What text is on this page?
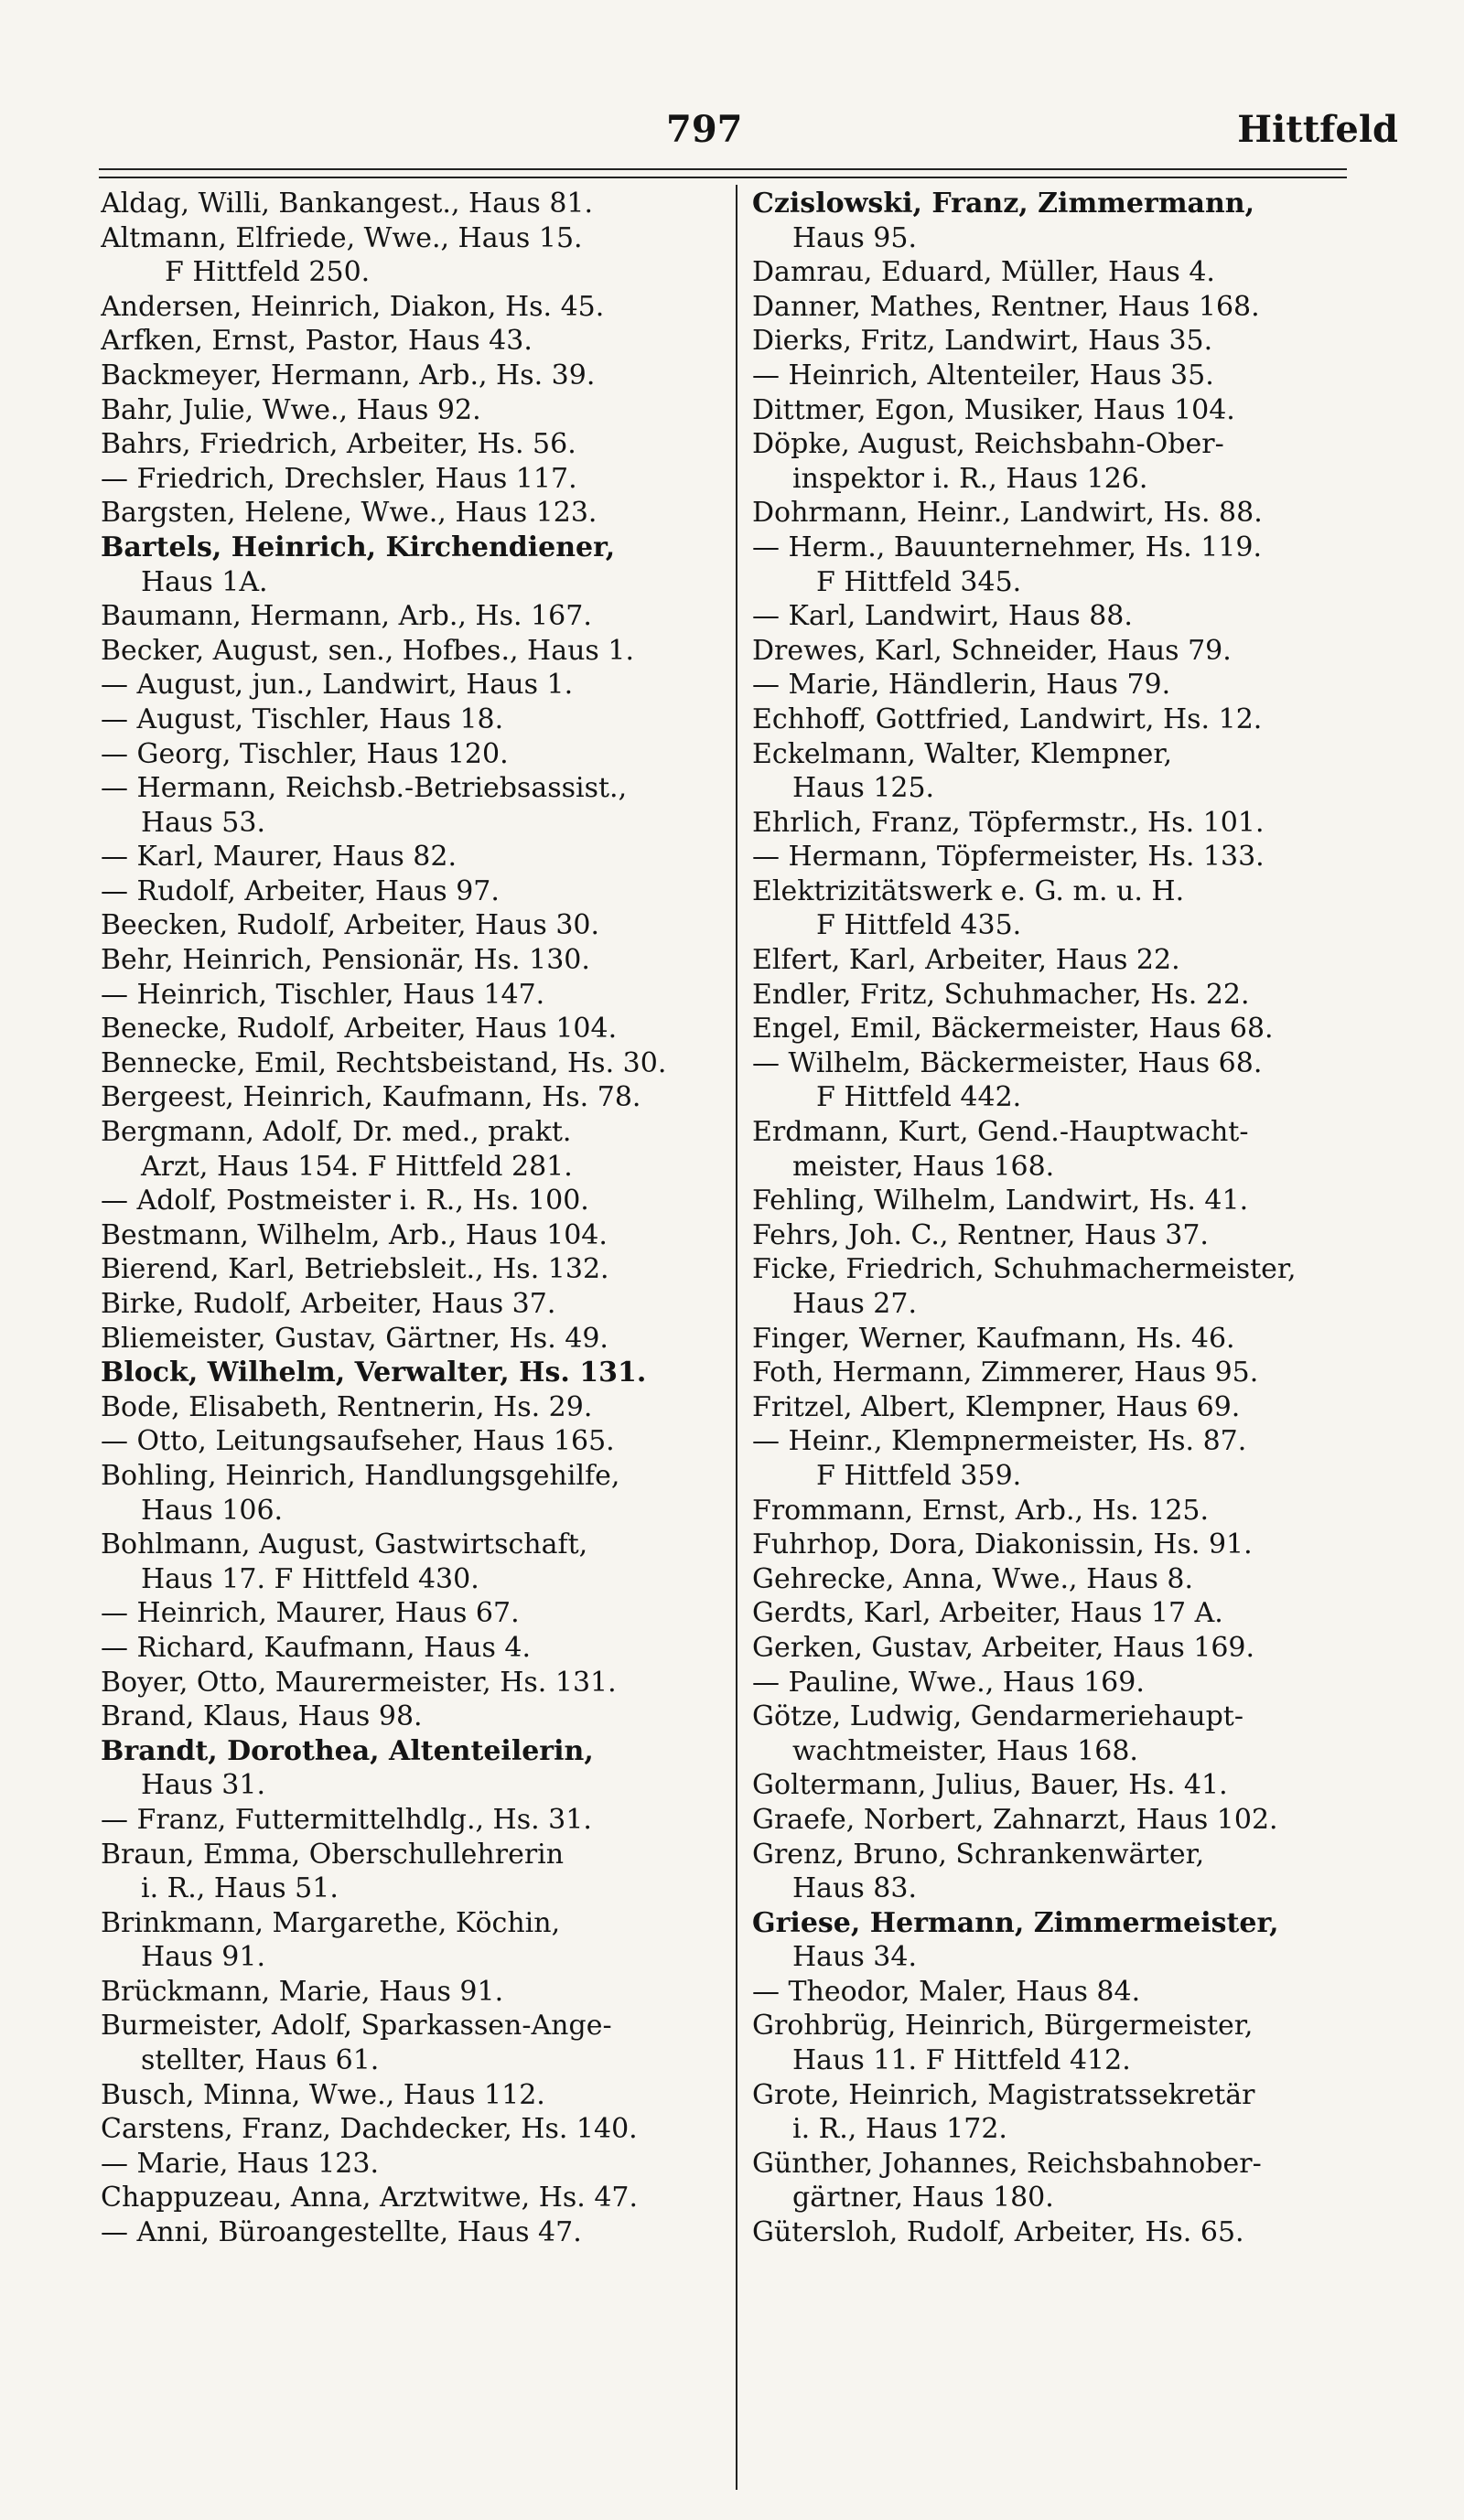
797	Hittfeld
Aldag, Willi, Bankangest., Haus 81.
Altmann, Elfriede, Wwe., Haus 15.
F Hittfeld 250.
Andersen, Heinrich, Diakon, Hs. 45.
Arfken, Ernst, Pastor, Haus 43.
Backmeyer, Hermann, Arb., Hs. 39.
Bahr, Julie, Wwe., Haus 92.
Bahrs, Friedrich, Arbeiter, Hs. 56.
— Friedrich, Drechsler, Haus 117.
Bargsten, Helene, Wwe., Haus 123.
Bartels, Heinrich, Kirchendiener,
Haus 1A.
Baumann, Hermann, Arb., Hs. 167.
Becker, August, sen., Hofbes., Haus 1.
— August, jun., Landwirt, Haus 1.
— August, Tischler, Haus 18.
— Georg, Tischler, Haus 120.
— Hermann, Reichsb.-Betriebsassist.,
Haus 53.
— Karl, Maurer, Haus 82.
— Rudolf, Arbeiter, Haus 97.
Beecken, Rudolf, Arbeiter, Haus 30.
Behr, Heinrich, Pensionär, Hs. 130.
— Heinrich, Tischler, Haus 147.
Benecke, Rudolf, Arbeiter, Haus 104.
Bennecke, Emil, Rechtsbeistand, Hs. 30.
Bergeest, Heinrich, Kaufmann, Hs. 78.
Bergmann, Adolf, Dr. med., prakt.
Arzt, Haus 154. F Hittfeld 281.
— Adolf, Postmeister i. R., Hs. 100.
Bestmann, Wilhelm, Arb., Haus 104.
Bierend, Karl, Betriebsleit., Hs. 132.
Birke, Rudolf, Arbeiter, Haus 37.
Bliemeister, Gustav, Gärtner, Hs. 49.
Block, Wilhelm, Verwalter, Hs. 131.
Bode, Elisabeth, Rentnerin, Hs. 29.
— Otto, Leitungsaufseher, Haus 165.
Bohling, Heinrich, Handlungsgehilfe,
Haus 106.
Bohlmann, August, Gastwirtschaft,
Haus 17. F Hittfeld 430.
— Heinrich, Maurer, Haus 67.
— Richard, Kaufmann, Haus 4.
Boyer, Otto, Maurermeister, Hs. 131.
Brand, Klaus, Haus 98.
Brandt, Dorothea, Altenteilerin,
Haus 31.
— Franz, Futtermittelhdlg., Hs. 31.
Braun, Emma, Oberschullehrerin
i. R., Haus 51.
Brinkmann, Margarethe, Köchin,
Haus 91.
Brückmann, Marie, Haus 91.
Burmeister, Adolf, Sparkassen-Ange-
stellter, Haus 61.
Busch, Minna, Wwe., Haus 112.
Carstens, Franz, Dachdecker, Hs. 140.
— Marie, Haus 123.
Chappuzeau, Anna, Arztwitwe, Hs. 47.
— Anni, Büroangestellte, Haus 47.
Czislowski, Franz, Zimmermann,
Haus 95.
Damrau, Eduard, Müller, Haus 4.
Danner, Mathes, Rentner, Haus 168.
Dierks, Fritz, Landwirt, Haus 35.
— Heinrich, Altenteiler, Haus 35.
Dittmer, Egon, Musiker, Haus 104.
Döpke, August, Reichsbahn-Ober-
inspektor i. R., Haus 126.
Dohrmann, Heinr., Landwirt, Hs. 88.
— Herm., Bauunternehmer, Hs. 119.
F Hittfeld 345.
— Karl, Landwirt, Haus 88.
Drewes, Karl, Schneider, Haus 79.
— Marie, Händlerin, Haus 79.
Echhoff, Gottfried, Landwirt, Hs. 12.
Eckelmann, Walter, Klempner,
Haus 125.
Ehrlich, Franz, Töpfermstr., Hs. 101.
— Hermann, Töpfermeister, Hs. 133.
Elektrizitätswerk e. G. m. u. H.
F Hittfeld 435.
Elfert, Karl, Arbeiter, Haus 22.
Endler, Fritz, Schuhmacher, Hs. 22.
Engel, Emil, Bäckermeister, Haus 68.
— Wilhelm, Bäckermeister, Haus 68.
F Hittfeld 442.
Erdmann, Kurt, Gend.-Hauptwacht-
meister, Haus 168.
Fehling, Wilhelm, Landwirt, Hs. 41.
Fehrs, Joh. C., Rentner, Haus 37.
Ficke, Friedrich, Schuhmachermeister,
Haus 27.
Finger, Werner, Kaufmann, Hs. 46.
Foth, Hermann, Zimmerer, Haus 95.
Fritzel, Albert, Klempner, Haus 69.
— Heinr., Klempnermeister, Hs. 87.
F Hittfeld 359.
Frommann, Ernst, Arb., Hs. 125.
Fuhrhop, Dora, Diakonissin, Hs. 91.
Gehrecke, Anna, Wwe., Haus 8.
Gerdts, Karl, Arbeiter, Haus 17 A.
Gerken, Gustav, Arbeiter, Haus 169.
— Pauline, Wwe., Haus 169.
Götze, Ludwig, Gendarmeriehaupt-
wachtmeister, Haus 168.
Goltermann, Julius, Bauer, Hs. 41.
Graefe, Norbert, Zahnarzt, Haus 102.
Grenz, Bruno, Schrankenwärter,
Haus 83.
Griese, Hermann, Zimmermeister,
Haus 34.
— Theodor, Maler, Haus 84.
Grohbrüg, Heinrich, Bürgermeister,
Haus 11. F Hittfeld 412.
Grote, Heinrich, Magistratssekretär
i. R., Haus 172.
Günther, Johannes, Reichsbahnober-
gärtner, Haus 180.
Gütersloh, Rudolf, Arbeiter, Hs. 65.
